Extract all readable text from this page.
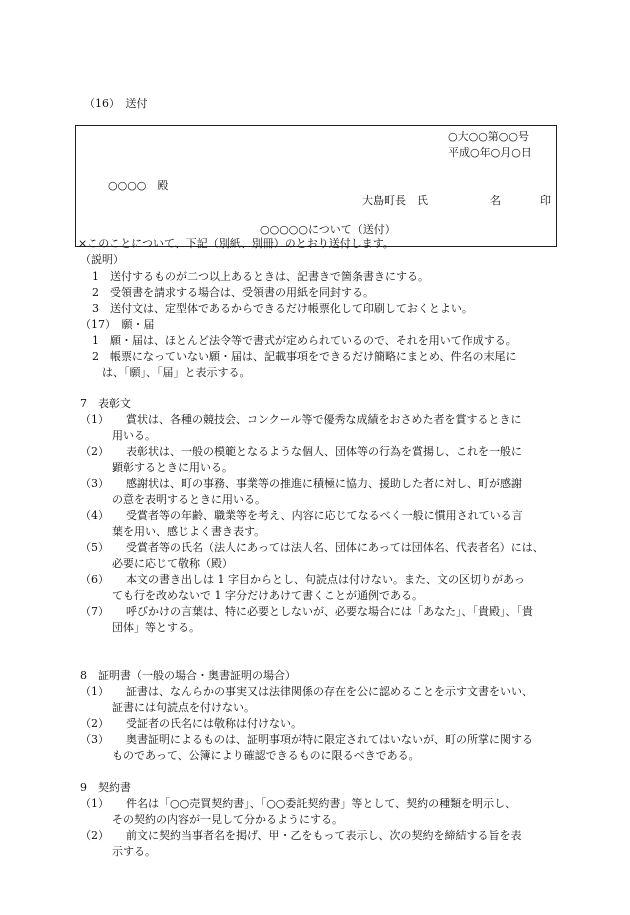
（16）　送付
○大○○第○○号
平成○年○月○日
○○○○　殿
大島町長　氏	名	印
○○○○○について（送付）
×このことについて、下記（別紙、別冊）のとおり送付します。
（説明）
1　送付するものが二つ以上あるときは、記書きで箇条書きにする。
2　受領書を請求する場合は、受領書の用紙を同封する。
3　送付文は、定型体であるからできるだけ帳票化して印刷しておくとよい。
（17）　願・届
1　願・届は、ほとんど法令等で書式が定められているので、それを用いて作成する。
2　帳票になっていない願・届は、記載事項をできるだけ簡略にまとめ、件名の末尾に
は、「願」、「届」と表示する。
7　表彰文
（1） 賞状は、各種の競技会、コンクール等で優秀な成績をおさめた者を賞するときに
用いる。
（2） 表彰状は、一般の模範となるような個人、団体等の行為を賞揚し、これを一般に
顕彰するときに用いる。
（3） 感謝状は、町の事務、事業等の推進に積極に協力、援助した者に対し、町が感謝
の意を表明するときに用いる。
（4） 受賞者等の年齢、職業等を考え、内容に応じてなるべく一般に慣用されている言
葉を用い、感じよく書き表す。
（5） 受賞者等の氏名（法人にあっては法人名、団体にあっては団体名、代表者名）には、
必要に応じて敬称（殿）
（6） 本文の書き出しは 1 字目からとし、句読点は付けない。また、文の区切りがあっ
ても行を改めないで 1 字分だけあけて書くことが通例である。
（7） 呼びかけの言葉は、特に必要としないが、必要な場合には「あなた」、「貴殿」、「貴
団体」等とする。
8　証明書（一般の場合・奥書証明の場合）
（1） 証書は、なんらかの事実又は法律関係の存在を公に認めることを示す文書をいい、
証書には句読点を付けない。
（2） 受証者の氏名には敬称は付けない。
（3） 奥書証明によるものは、証明事項が特に限定されてはいないが、町の所掌に関する
ものであって、公簿により確認できるものに限るべきである。
9　契約書
（1） 件名は「○○売買契約書」、「○○委託契約書」等として、契約の種類を明示し、
その契約の内容が一見して分かるようにする。
（2） 前文に契約当事者名を掲げ、甲・乙をもって表示し、次の契約を締結する旨を表
示する。
